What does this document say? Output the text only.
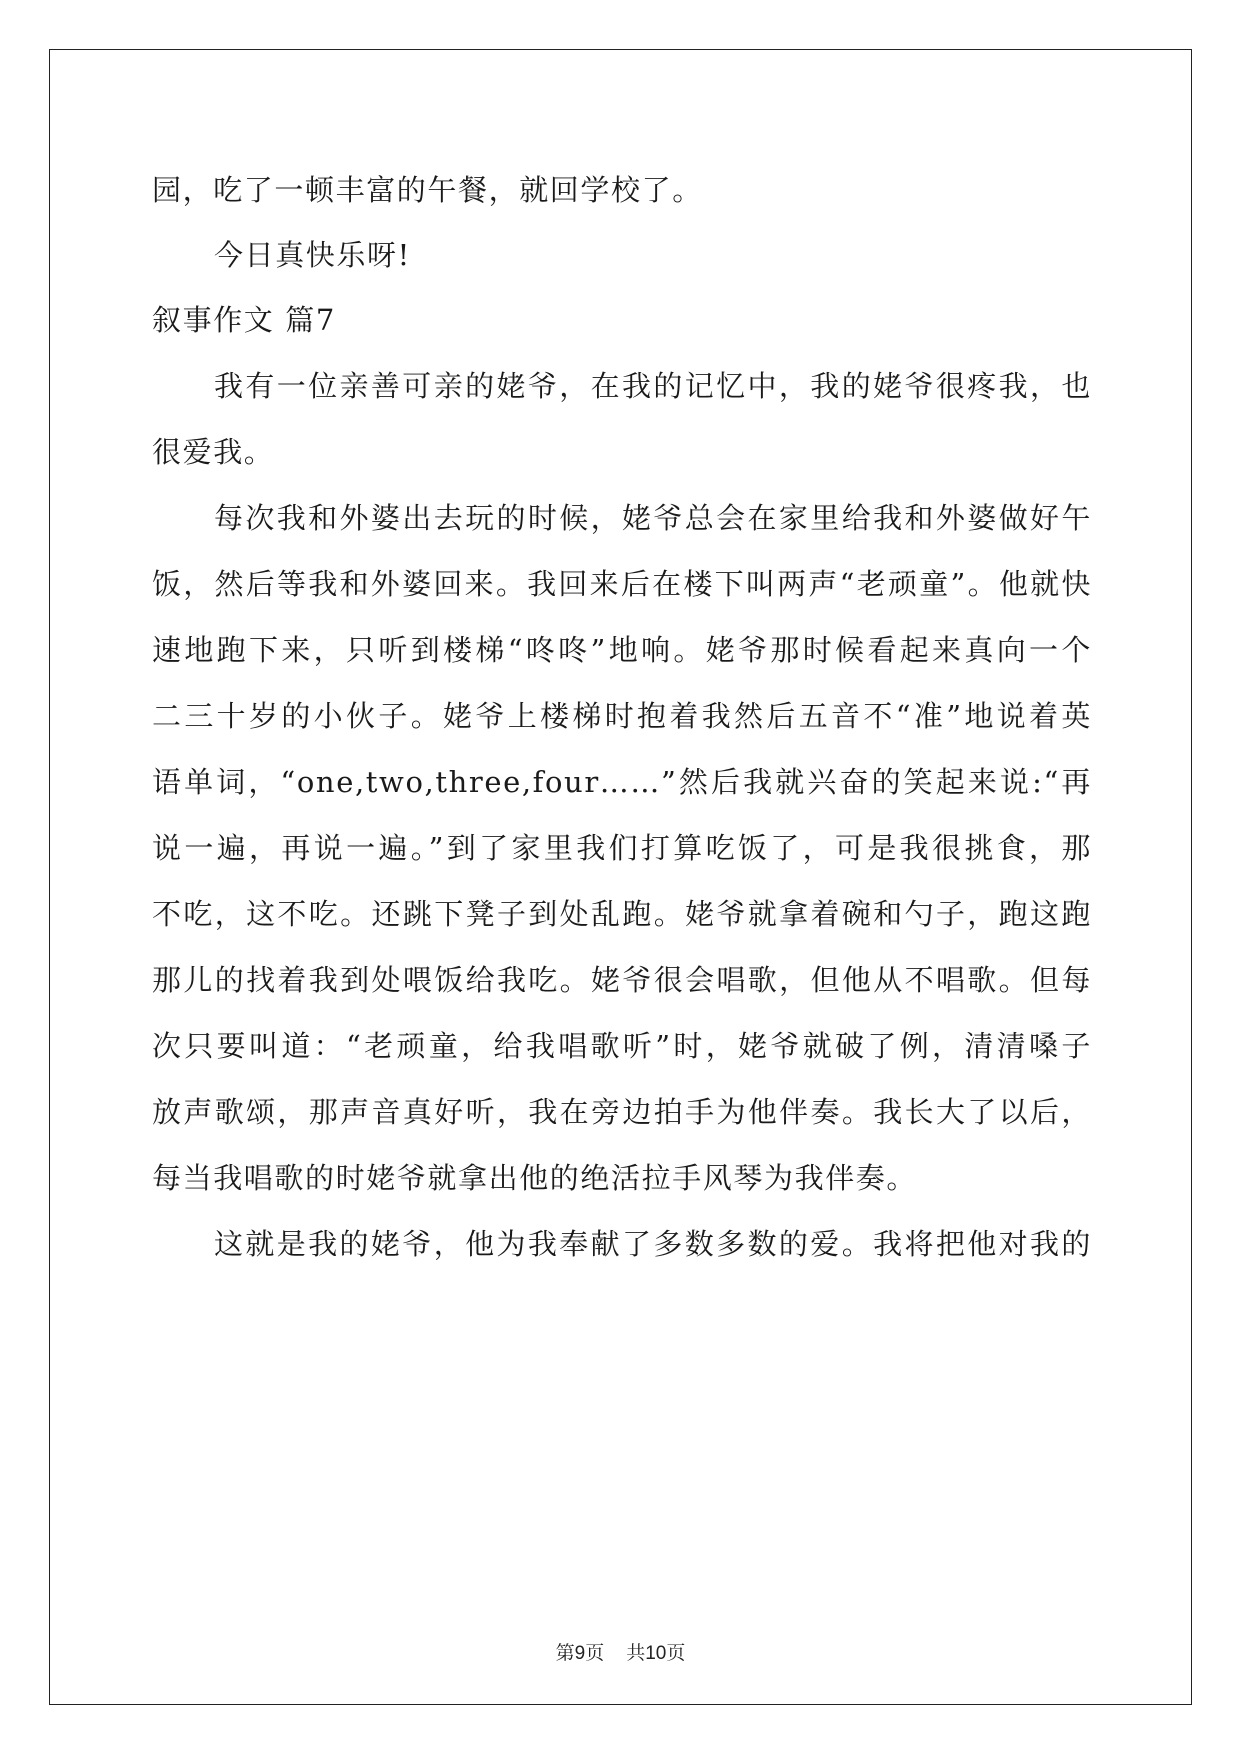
园，吃了一顿丰富的午餐，就回学校了。
今日真快乐呀!
叙事作文 篇7
我有一位亲善可亲的姥爷，在我的记忆中，我的姥爷很疼我，也
很爱我。
每次我和外婆出去玩的时候，姥爷总会在家里给我和外婆做好午
饭，然后等我和外婆回来。我回来后在楼下叫两声“老顽童”。他就快
速地跑下来，只听到楼梯“咚咚”地响。姥爷那时候看起来真向一个
二三十岁的小伙子。姥爷上楼梯时抱着我然后五音不“准”地说着英
语单词，“one,two,three,four……”然后我就兴奋的笑起来说:“再
说一遍，再说一遍。”到了家里我们打算吃饭了，可是我很挑食，那
不吃，这不吃。还跳下凳子到处乱跑。姥爷就拿着碗和勺子，跑这跑
那儿的找着我到处喂饭给我吃。姥爷很会唱歌，但他从不唱歌。但每
次只要叫道：“老顽童，给我唱歌听”时，姥爷就破了例，清清嗓子
放声歌颂，那声音真好听，我在旁边拍手为他伴奏。我长大了以后，
每当我唱歌的时姥爷就拿出他的绝活拉手风琴为我伴奏。
这就是我的姥爷，他为我奉献了多数多数的爱。我将把他对我的
第9页 共10页
